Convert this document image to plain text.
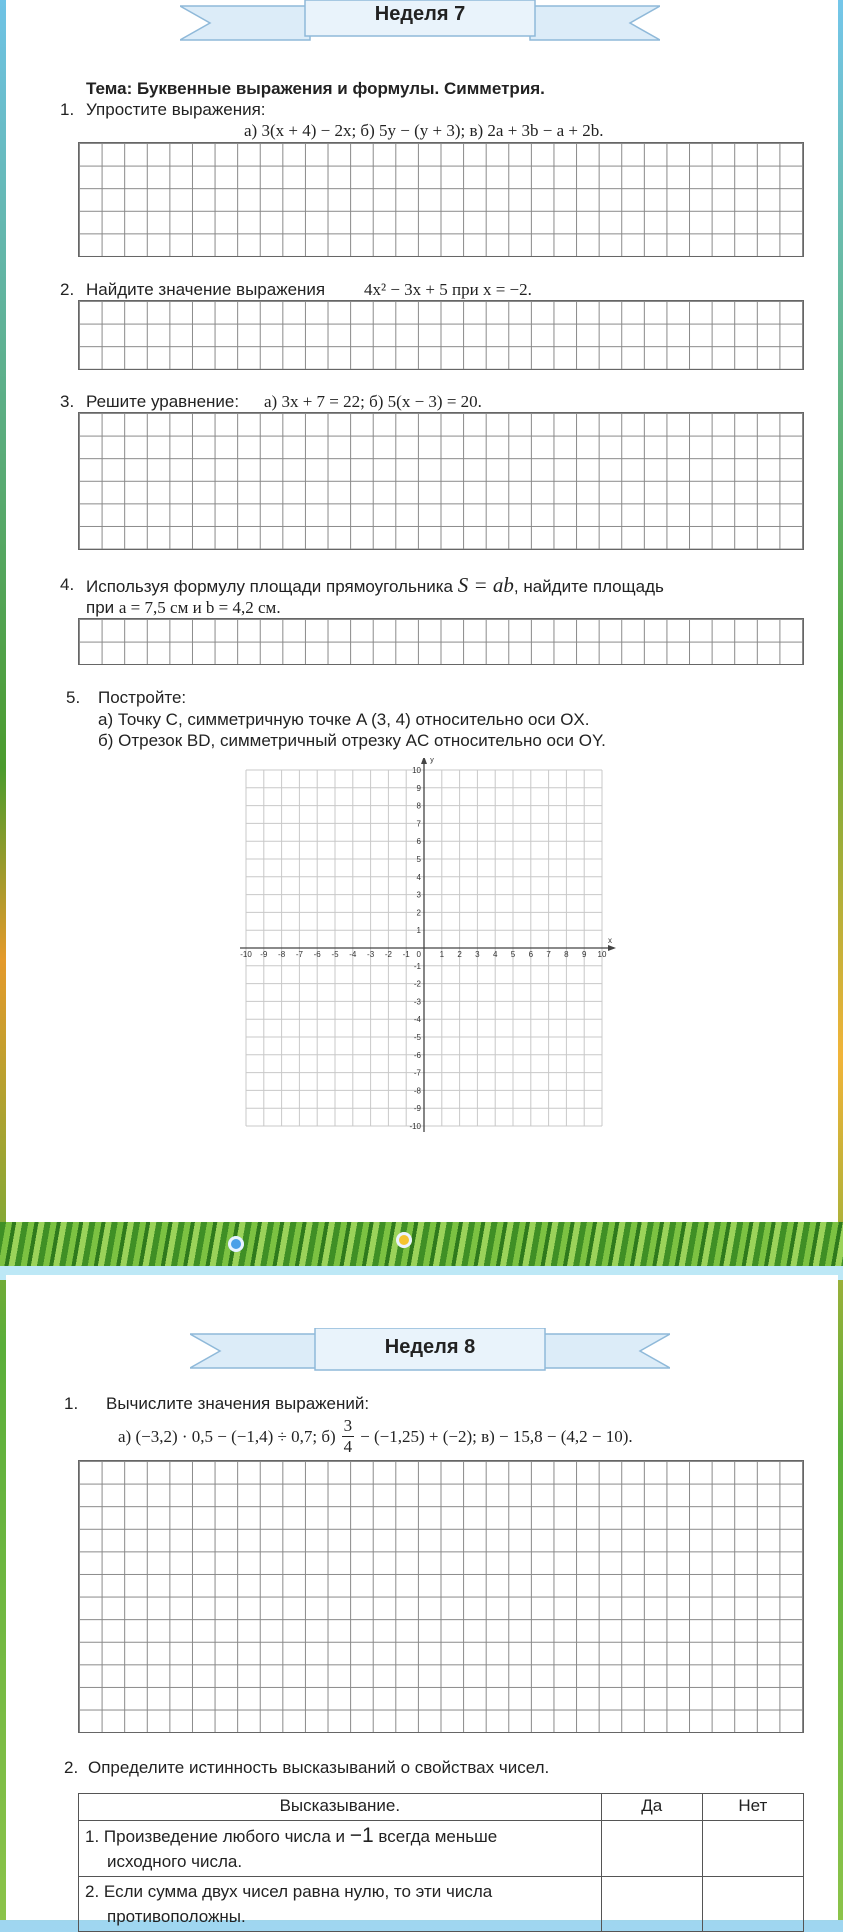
Неделя 7
Тема: Буквенные выражения и формулы. Симметрия.
1. Упростите выражения:
а) 3(x + 4) − 2x; б) 5y − (y + 3); в) 2a + 3b − a + 2b.
2. Найдите значение выражения 4x² − 3x + 5 при x = −2.
3. Решите уравнение: а) 3x + 7 = 22; б) 5(x − 3) = 20.
4. Используя формулу площади прямоугольника S = ab, найдите площадь
при a = 7,5 см и b = 4,2 см.
5. Постройте:
а) Точку C, симметричную точке A (3, 4) относительно оси OX.
б) Отрезок BD, симметричный отрезку AC относительно оси OY.
-10 -9 -8 -7 -6 -5 -4 -3 -2 -1	1 2 3 4 5 6 7 8 9 10
10
9
8
7
6
5
4
3
2
1
-1
-2
-3
-4
-5
-6
-7
-8
-9
-10
0
x
y
Неделя 8
1. Вычислите значения выражений:
а) (−3,2) · 0,5 − (−1,4) ÷ 0,7; $б) \frac{3}{4} - (-1,25) + (-2)$; в) − 15,8 − (4,2 − 10).
2. Определите истинность высказываний о свойствах чисел.
Высказывание.	Да	Нет
1. Произведение любого числа и −1 всегда меньше
исходного числа.		
2. Если сумма двух чисел равна нулю, то эти числа
противоположны.		
